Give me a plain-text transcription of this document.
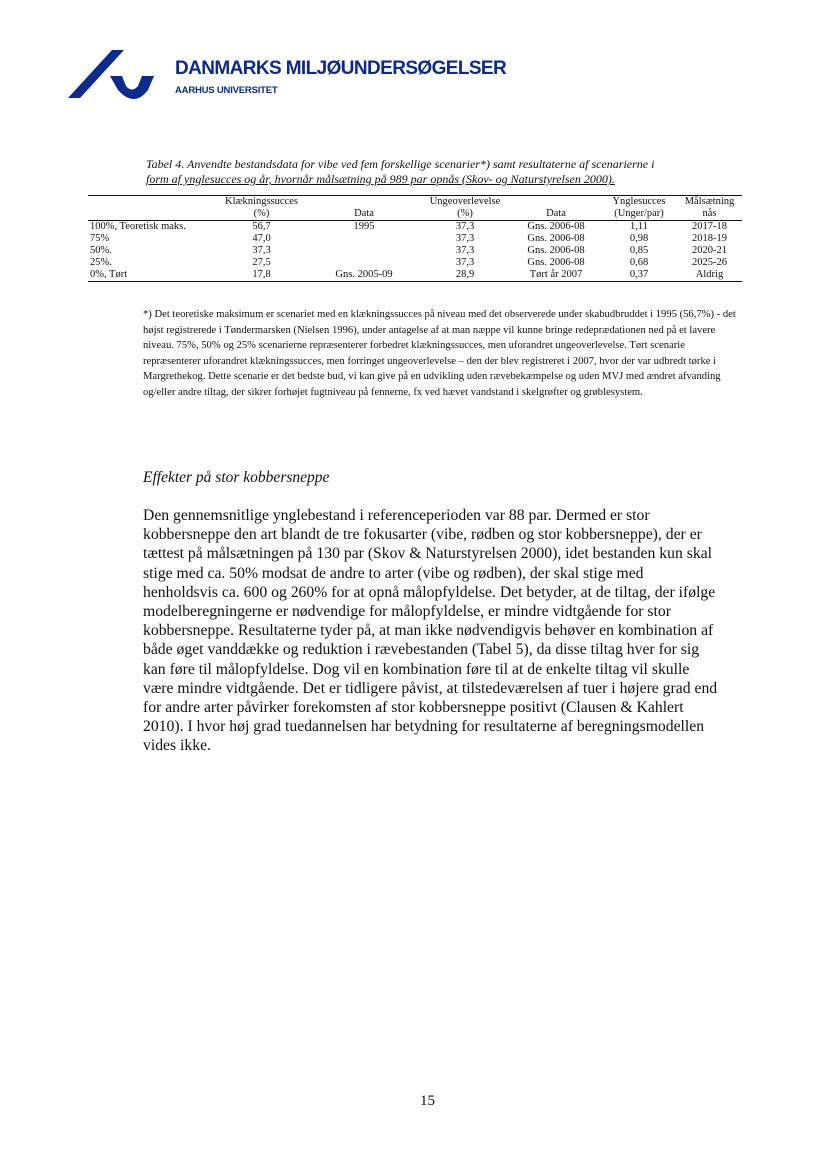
DANMARKS MILJØUNDERSØGELSER
AARHUS UNIVERSITET
Tabel 4. Anvendte bestandsdata for vibe ved fem forskellige scenarier*) samt resultaterne af scenarierne i
form af ynglesucces og år, hvornår målsætning på 989 par opnås (Skov- og Naturstyrelsen 2000).
	Klækningssucces		Ungeoverlevelse		Ynglesucces	Målsætning
	(%)	Data	(%)	Data	(Unger/par)	nås
100%, Teoretisk maks.	56,7	1995	37,3	Gns. 2006-08	1,11	2017-18
75%	47,0		37,3	Gns. 2006-08	0,98	2018-19
50%.	37,3		37,3	Gns. 2006-08	0,85	2020-21
25%.	27,5		37,3	Gns. 2006-08	0,68	2025-26
0%, Tørt	17,8	Gns. 2005-09	28,9	Tørt år 2007	0,37	Aldrig
*) Det teoretiske maksimum er scenariet med en klækningssucces på niveau med det observerede under skabudbruddet i 1995 (56,7%) - det højst registrerede i Tøndermarsken (Nielsen 1996), under antagelse af at man næppe vil kunne bringe redeprædationen ned på et lavere niveau. 75%, 50% og 25% scenarierne repræsenterer forbedret klækningssucces, men uforandret ungeoverlevelse. Tørt scenarie repræsenterer uforandret klækningssucces, men forringet ungeoverlevelse – den der blev registreret i 2007, hvor der var udbredt tørke i Margrethekog. Dette scenarie er det bedste bud, vi kan give på en udvikling uden rævebekæmpelse og uden MVJ med ændret afvanding og/eller andre tiltag, der sikrer forhøjet fugtniveau på fennerne, fx ved hævet vandstand i skelgrøfter og grøblesystem.
Effekter på stor kobbersneppe
Den gennemsnitlige ynglebestand i referenceperioden var 88 par. Dermed er stor
kobbersneppe den art blandt de tre fokusarter (vibe, rødben og stor kobbersneppe), der er
tættest på målsætningen på 130 par (Skov & Naturstyrelsen 2000), idet bestanden kun skal
stige med ca. 50% modsat de andre to arter (vibe og rødben), der skal stige med
henholdsvis ca. 600 og 260% for at opnå målopfyldelse. Det betyder, at de tiltag, der ifølge
modelberegningerne er nødvendige for målopfyldelse, er mindre vidtgående for stor
kobbersneppe. Resultaterne tyder på, at man ikke nødvendigvis behøver en kombination af
både øget vanddække og reduktion i rævebestanden (Tabel 5), da disse tiltag hver for sig
kan føre til målopfyldelse. Dog vil en kombination føre til at de enkelte tiltag vil skulle
være mindre vidtgående. Det er tidligere påvist, at tilstedeværelsen af tuer i højere grad end
for andre arter påvirker forekomsten af stor kobbersneppe positivt (Clausen & Kahlert
2010). I hvor høj grad tuedannelsen har betydning for resultaterne af beregningsmodellen
vides ikke.
15
